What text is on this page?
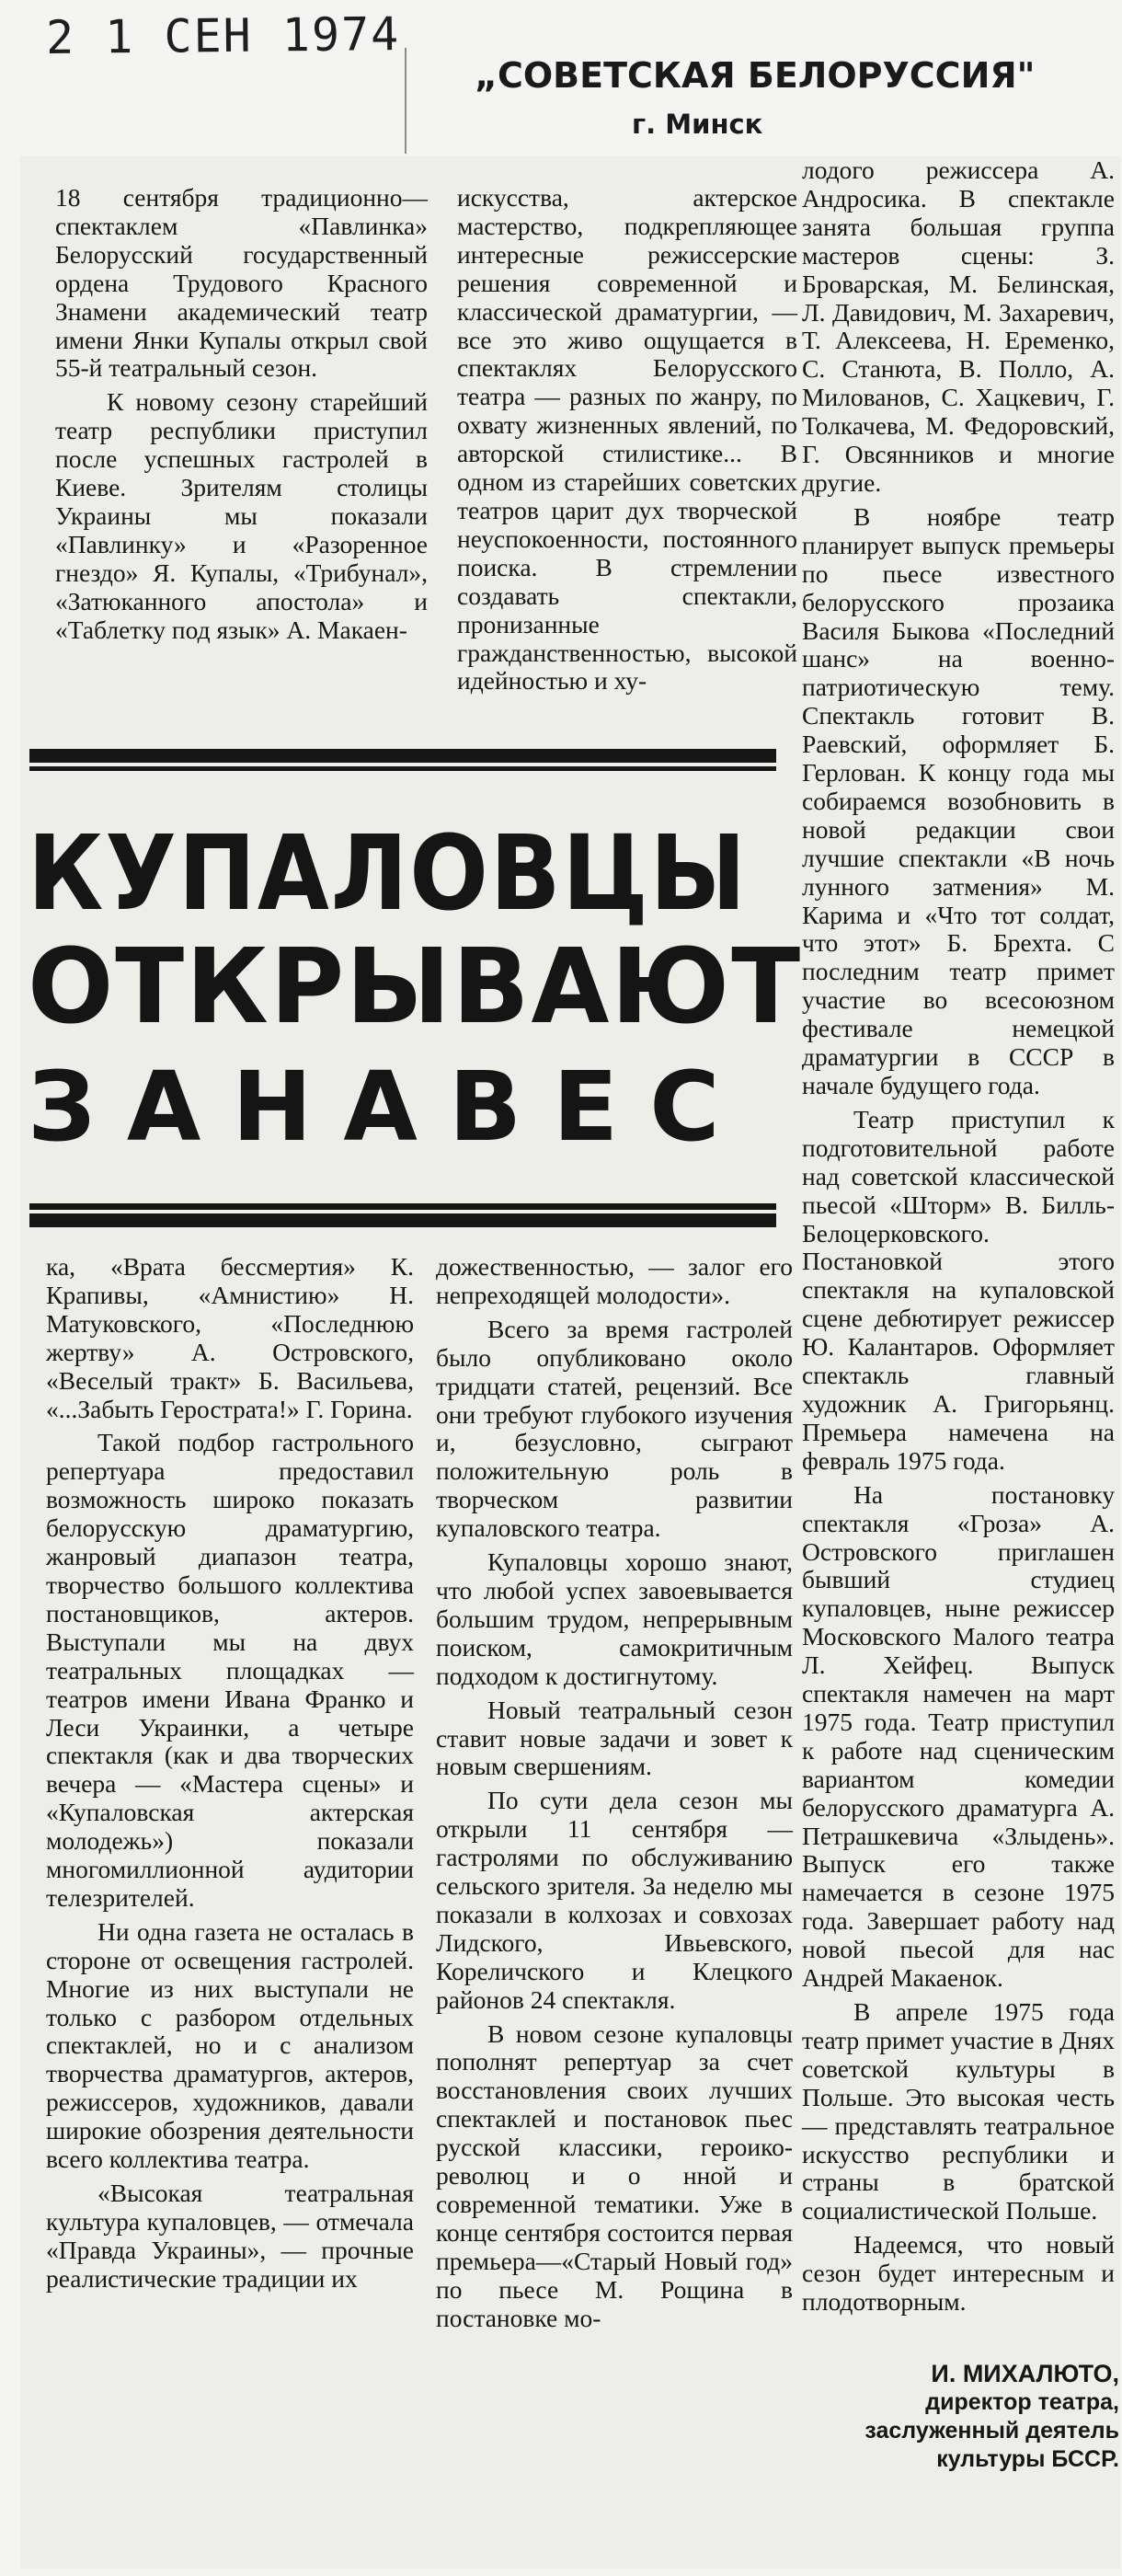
2 1 СЕН 1974
„СОВЕТСКАЯ БЕЛОРУССИЯ"
г. Минск

18 сентября традиционно—спектаклем «Павлинка» Белорусский государственный ордена Трудового Красного Знамени академический театр имени Янки Купалы открыл свой 55-й театральный сезон.

К новому сезону старейший театр республики приступил после успешных гастролей в Киеве. Зрителям столицы Украины мы показали «Павлинку» и «Разоренное гнездо» Я. Купалы, «Трибунал», «Затюканного апостола» и «Таблетку под язык» А. Макаен-

искусства, актерское мастерство, подкрепляющее интересные режиссерские решения современной и классической драматургии, — все это живо ощущается в спектаклях Белорусского театра — разных по жанру, по охвату жизненных явлений, по авторской стилистике... В одном из старейших советских театров царит дух творческой неуспокоенности, постоянного поиска. В стремлении создавать спектакли, пронизанные гражданственностью, высокой идейностью и ху-

лодого режиссера А. Андросика. В спектакле занята большая группа мастеров сцены: З. Броварская, М. Белинская, Л. Давидович, М. Захаревич, Т. Алексеева, Н. Еременко, С. Станюта, В. Полло, А. Милованов, С. Хацкевич, Г. Толкачева, М. Федоровский, Г. Овсянников и многие другие.

В ноябре театр планирует выпуск премьеры по пьесе известного белорусского прозаика Василя Быкова «Последний шанс» на военно-патриотическую тему. Спектакль готовит В. Раевский, оформляет Б. Герлован. К концу года мы собираемся возобновить в новой редакции свои лучшие спектакли «В ночь лунного затмения» М. Карима и «Что тот солдат, что этот» Б. Брехта. С последним театр примет участие во всесоюзном фестивале немецкой драматургии в СССР в начале будущего года.

Театр приступил к подготовительной работе над советской классической пьесой «Шторм» В. Билль-Белоцерковского. Постановкой этого спектакля на купаловской сцене дебютирует режиссер Ю. Калантаров. Оформляет спектакль главный художник А. Григорьянц. Премьера намечена на февраль 1975 года.

На постановку спектакля «Гроза» А. Островского приглашен бывший студиец купаловцев, ныне режиссер Московского Малого театра Л. Хейфец. Выпуск спектакля намечен на март 1975 года. Театр приступил к работе над сценическим вариантом комедии белорусского драматурга А. Петрашкевича «Злыдень». Выпуск его также намечается в сезоне 1975 года. Завершает работу над новой пьесой для нас Андрей Макаенок.

В апреле 1975 года театр примет участие в Днях советской культуры в Польше. Это высокая честь — представлять театральное искусство республики и страны в братской социалистической Польше.

Надеемся, что новый сезон будет интересным и плодотворным.

КУПАЛОВЦЫ
ОТКРЫВАЮТ
ЗАНАВЕС

ка, «Врата бессмертия» К. Крапивы, «Амнистию» Н. Матуковского, «Последнюю жертву» А. Островского, «Веселый тракт» Б. Васильева, «...Забыть Герострата!» Г. Горина.

Такой подбор гастрольного репертуара предоставил возможность широко показать белорусскую драматургию, жанровый диапазон театра, творчество большого коллектива постановщиков, актеров. Выступали мы на двух театральных площадках — театров имени Ивана Франко и Леси Украинки, а четыре спектакля (как и два творческих вечера — «Мастера сцены» и «Купаловская актерская молодежь») показали многомиллионной аудитории телезрителей.

Ни одна газета не осталась в стороне от освещения гастролей. Многие из них выступали не только с разбором отдельных спектаклей, но и с анализом творчества драматургов, актеров, режиссеров, художников, давали широкие обозрения деятельности всего коллектива театра.

«Высокая театральная культура купаловцев, — отмечала «Правда Украины», — прочные реалистические традиции их

дожественностью, — залог его непреходящей молодости».

Всего за время гастролей было опубликовано около тридцати статей, рецензий. Все они требуют глубокого изучения и, безусловно, сыграют положительную роль в творческом развитии купаловского театра.

Купаловцы хорошо знают, что любой успех завоевывается большим трудом, непрерывным поиском, самокритичным подходом к достигнутому.

Новый театральный сезон ставит новые задачи и зовет к новым свершениям.

По сути дела сезон мы открыли 11 сентября — гастролями по обслуживанию сельского зрителя. За неделю мы показали в колхозах и совхозах Лидского, Ивьевского, Кореличского и Клецкого районов 24 спектакля.

В новом сезоне купаловцы пополнят репертуар за счет восстановления своих лучших спектаклей и постановок пьес русской классики, героико-революц и о нной и современной тематики. Уже в конце сентября состоится первая премьера—«Старый Новый год» по пьесе М. Рощина в постановке мо-

И. МИХАЛЮТО,
директор театра, заслуженный деятель культуры БССР.
